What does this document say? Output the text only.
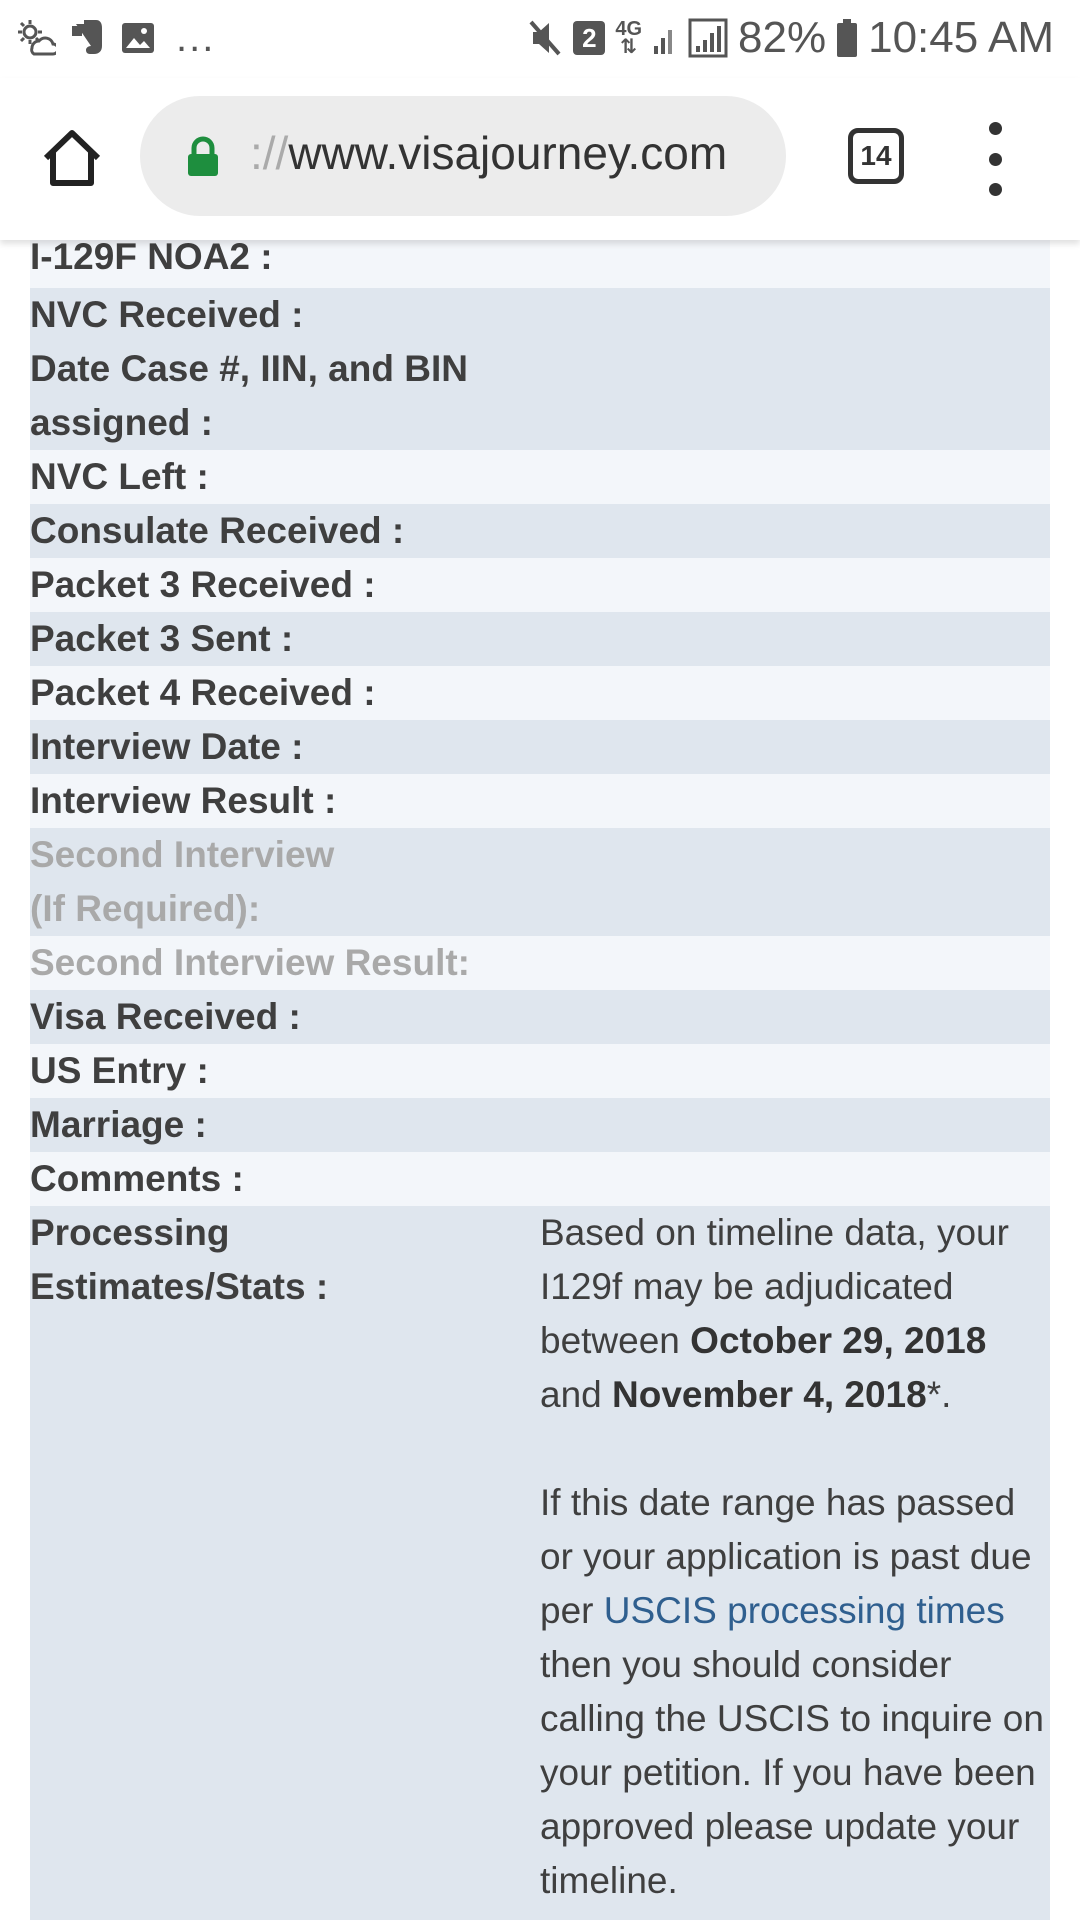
...	2 4G
⇅ 82% 10:45 AM
://www.visajourney.com	14
I-129F NOA2 :
NVC Received :
Date Case #, IIN, and BIN assigned :
NVC Left :
Consulate Received :
Packet 3 Received :
Packet 3 Sent :
Packet 4 Received :
Interview Date :
Interview Result :
Second Interview (If Required):
Second Interview Result:
Visa Received :
US Entry :
Marriage :
Comments :
Processing Estimates/Stats :
Based on timeline data, your I129f may be adjudicated between October 29, 2018 and November 4, 2018*.
If this date range has passed or your application is past due per USCIS processing times then you should consider calling the USCIS to inquire on your petition. If you have been approved please update your timeline.
